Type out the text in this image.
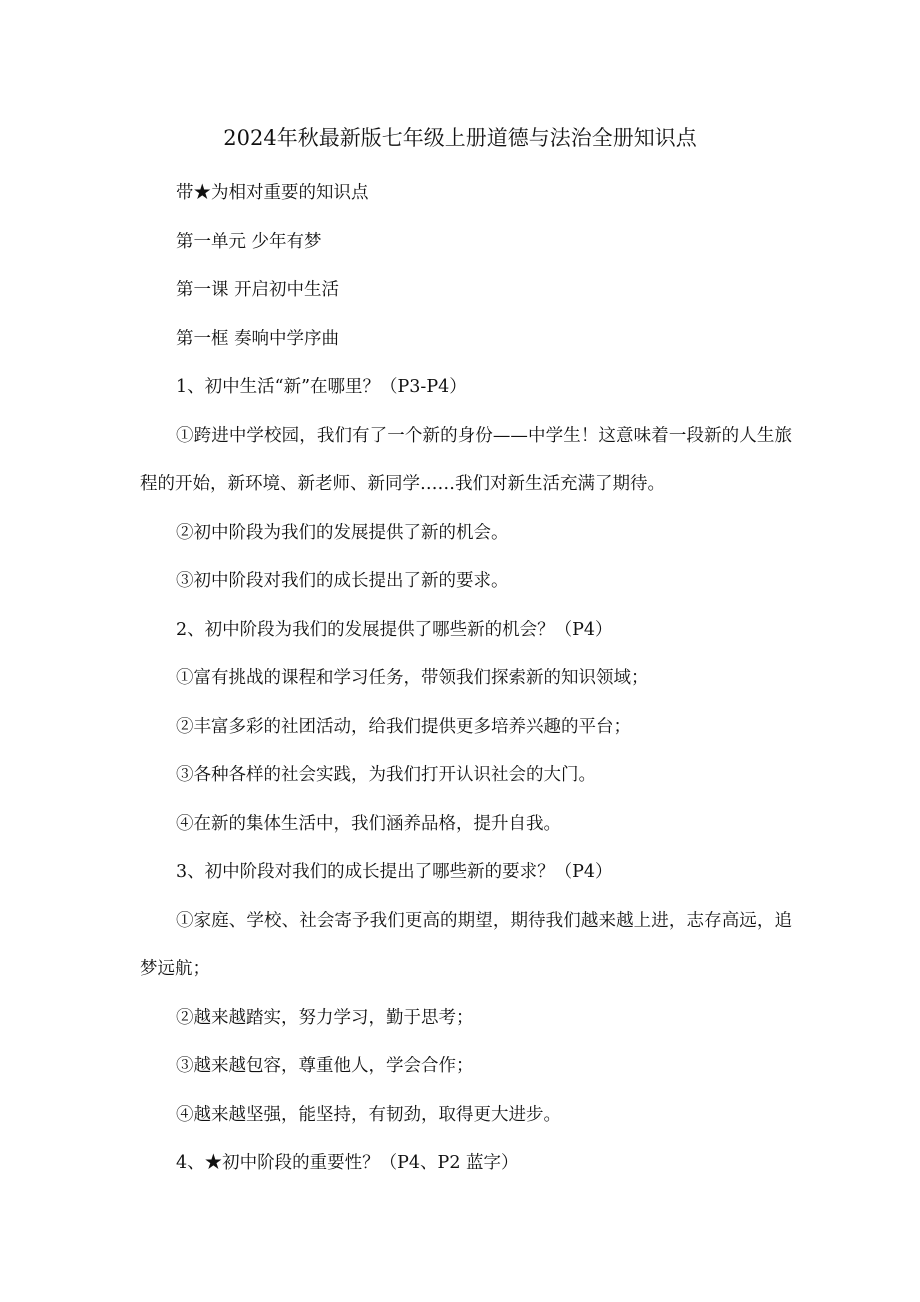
2024年秋最新版七年级上册道德与法治全册知识点
带★为相对重要的知识点
第一单元 少年有梦
第一课 开启初中生活
第一框 奏响中学序曲
1、初中生活“新”在哪里？（P3-P4）
①跨进中学校园，我们有了一个新的身份——中学生！这意味着一段新的人生旅程的开始，新环境、新老师、新同学……我们对新生活充满了期待。
②初中阶段为我们的发展提供了新的机会。
③初中阶段对我们的成长提出了新的要求。
2、初中阶段为我们的发展提供了哪些新的机会？（P4）
①富有挑战的课程和学习任务，带领我们探索新的知识领域；
②丰富多彩的社团活动，给我们提供更多培养兴趣的平台；
③各种各样的社会实践，为我们打开认识社会的大门。
④在新的集体生活中，我们涵养品格，提升自我。
3、初中阶段对我们的成长提出了哪些新的要求？（P4）
①家庭、学校、社会寄予我们更高的期望，期待我们越来越上进，志存高远，追梦远航；
②越来越踏实，努力学习，勤于思考；
③越来越包容，尊重他人，学会合作；
④越来越坚强，能坚持，有韧劲，取得更大进步。
4、★初中阶段的重要性？（P4、P2 蓝字）
